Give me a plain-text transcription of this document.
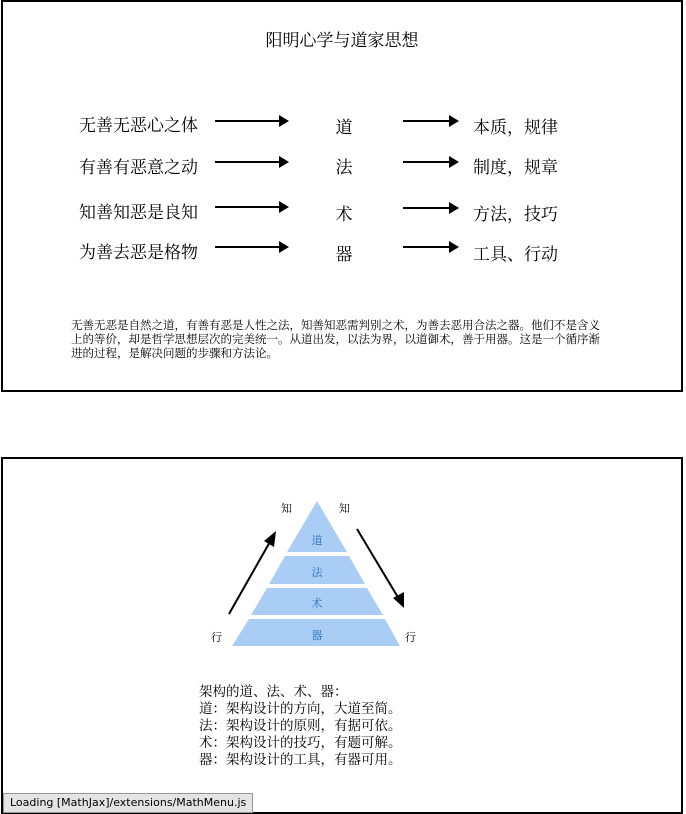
阳明心学与道家思想
无善无恶心之体	道	本质，规律
有善有恶意之动	法	制度，规章
知善知恶是良知	术	方法，技巧
为善去恶是格物	器	工具、行动
无善无恶是自然之道，有善有恶是人性之法，知善知恶需判别之术，为善去恶用合法之器。他们不是含义上的等价，却是哲学思想层次的完美统一。从道出发，以法为界，以道御术，善于用器。这是一个循序渐进的过程，是解决问题的步骤和方法论。
道
法
术
器
知	知
行	行
架构的道、法、术、器：
道：架构设计的方向，大道至简。
法：架构设计的原则，有据可依。
术：架构设计的技巧，有题可解。
器：架构设计的工具，有器可用。
Loading [MathJax]/extensions/MathMenu.js
